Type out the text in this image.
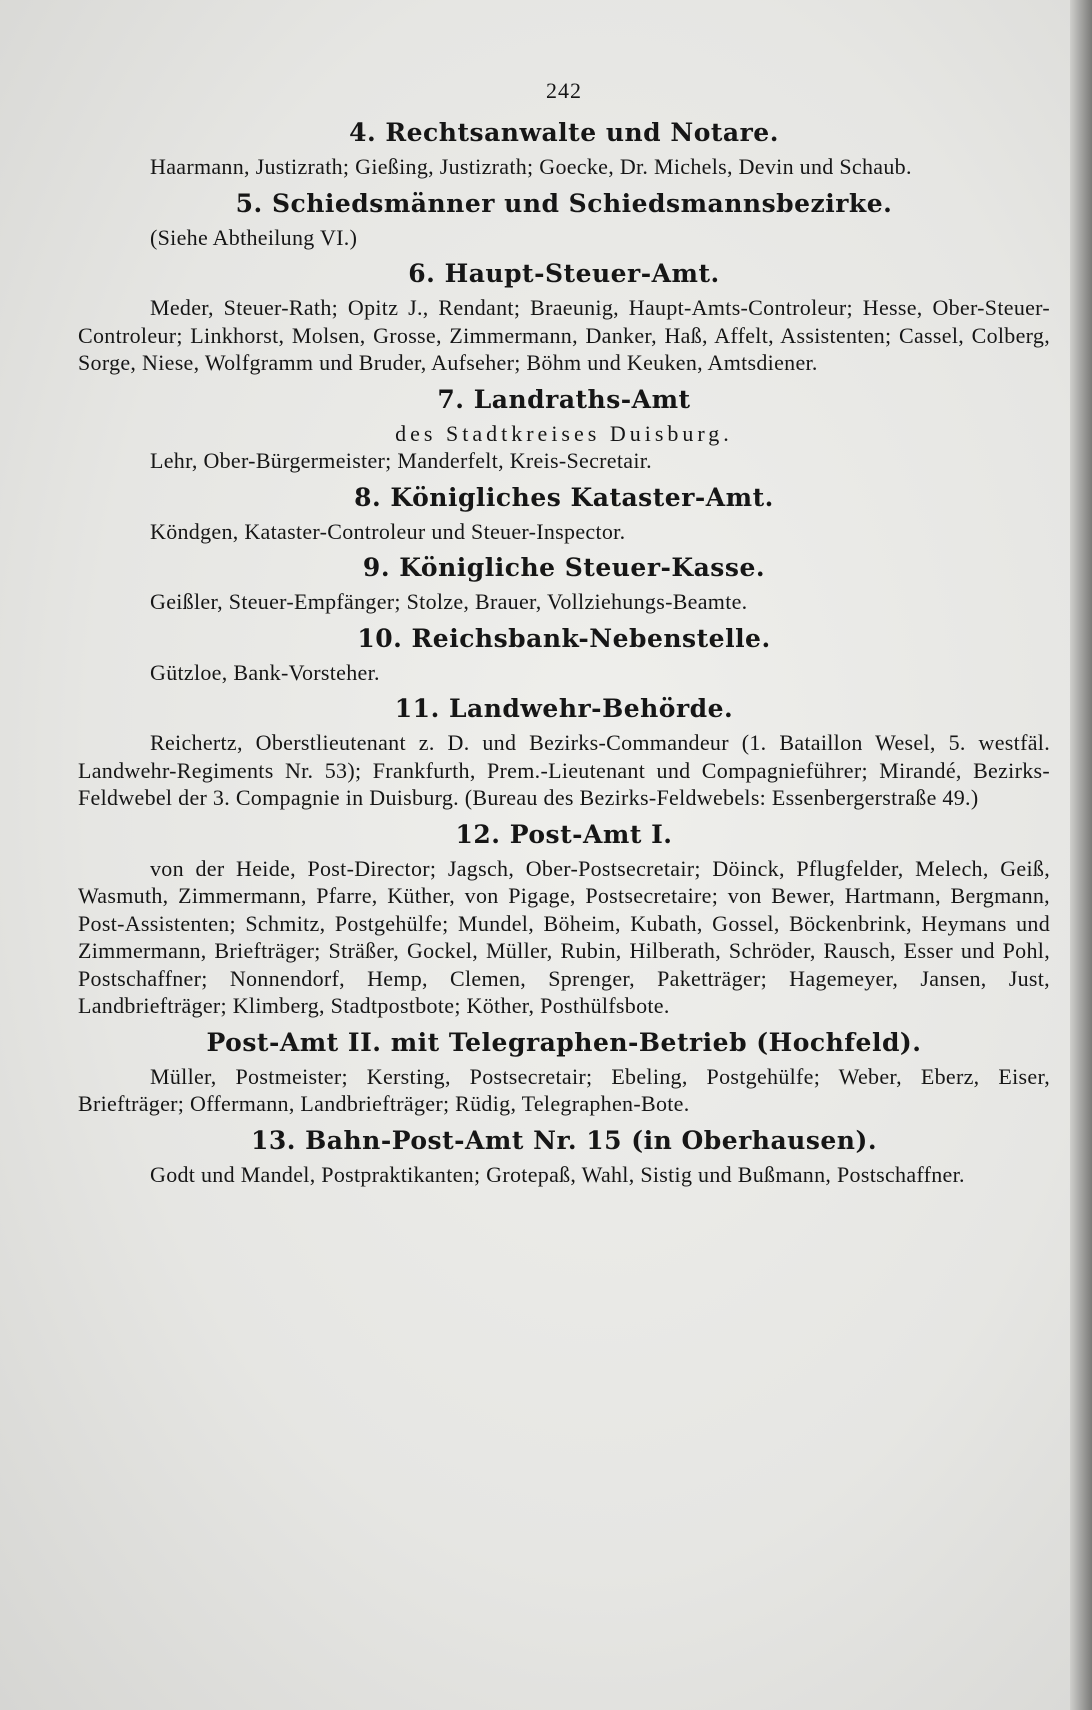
242
4. Rechtsanwalte und Notare.

Haarmann, Justizrath; Gießing, Justizrath; Goecke, Dr. Michels, Devin und Schaub.

5. Schiedsmänner und Schiedsmannsbezirke.

(Siehe Abtheilung VI.)

6. Haupt-Steuer-Amt.

Meder, Steuer-Rath; Opitz J., Rendant; Braeunig, Haupt-Amts-Controleur; Hesse, Ober-Steuer-Controleur; Linkhorst, Molsen, Grosse, Zimmermann, Danker, Haß, Affelt, Assistenten; Cassel, Colberg, Sorge, Niese, Wolfgramm und Bruder, Aufseher; Böhm und Keuken, Amtsdiener.

7. Landraths-Amt

des Stadtkreises Duisburg.

Lehr, Ober-Bürgermeister; Manderfelt, Kreis-Secretair.

8. Königliches Kataster-Amt.

Köndgen, Kataster-Controleur und Steuer-Inspector.

9. Königliche Steuer-Kasse.

Geißler, Steuer-Empfänger; Stolze, Brauer, Vollziehungs-Beamte.

10. Reichsbank-Nebenstelle.

Gützloe, Bank-Vorsteher.

11. Landwehr-Behörde.

Reichertz, Oberstlieutenant z. D. und Bezirks-Commandeur (1. Bataillon Wesel, 5. westfäl. Landwehr-Regiments Nr. 53); Frankfurth, Prem.-Lieutenant und Compagnieführer; Mirandé, Bezirks-Feldwebel der 3. Compagnie in Duisburg. (Bureau des Bezirks-Feldwebels: Essenbergerstraße 49.)

12. Post-Amt I.

von der Heide, Post-Director; Jagsch, Ober-Postsecretair; Döinck, Pflugfelder, Melech, Geiß, Wasmuth, Zimmermann, Pfarre, Küther, von Pigage, Postsecretaire; von Bewer, Hartmann, Bergmann, Post-Assistenten; Schmitz, Postgehülfe; Mundel, Böheim, Kubath, Gossel, Böckenbrink, Heymans und Zimmermann, Briefträger; Sträßer, Gockel, Müller, Rubin, Hilberath, Schröder, Rausch, Esser und Pohl, Postschaffner; Nonnendorf, Hemp, Clemen, Sprenger, Paketträger; Hagemeyer, Jansen, Just, Landbriefträger; Klimberg, Stadtpostbote; Köther, Posthülfsbote.

Post-Amt II. mit Telegraphen-Betrieb (Hochfeld).

Müller, Postmeister; Kersting, Postsecretair; Ebeling, Postgehülfe; Weber, Eberz, Eiser, Briefträger; Offermann, Landbriefträger; Rüdig, Telegraphen-Bote.

13. Bahn-Post-Amt Nr. 15 (in Oberhausen).

Godt und Mandel, Postpraktikanten; Grotepaß, Wahl, Sistig und Bußmann, Postschaffner.
